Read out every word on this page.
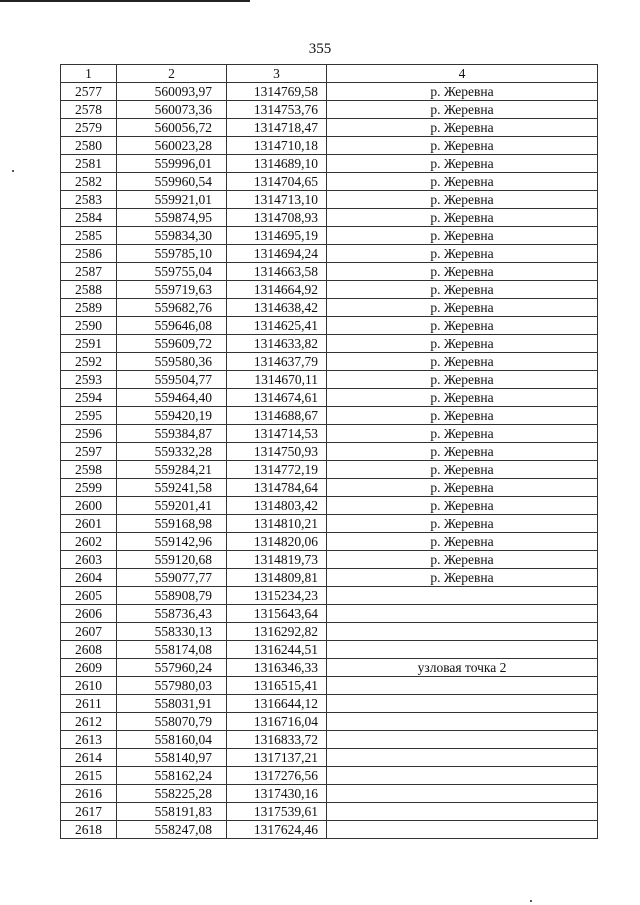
355
1	2	3	4
2577	560093,97	1314769,58	р. Жеревна
2578	560073,36	1314753,76	р. Жеревна
2579	560056,72	1314718,47	р. Жеревна
2580	560023,28	1314710,18	р. Жеревна
2581	559996,01	1314689,10	р. Жеревна
2582	559960,54	1314704,65	р. Жеревна
2583	559921,01	1314713,10	р. Жеревна
2584	559874,95	1314708,93	р. Жеревна
2585	559834,30	1314695,19	р. Жеревна
2586	559785,10	1314694,24	р. Жеревна
2587	559755,04	1314663,58	р. Жеревна
2588	559719,63	1314664,92	р. Жеревна
2589	559682,76	1314638,42	р. Жеревна
2590	559646,08	1314625,41	р. Жеревна
2591	559609,72	1314633,82	р. Жеревна
2592	559580,36	1314637,79	р. Жеревна
2593	559504,77	1314670,11	р. Жеревна
2594	559464,40	1314674,61	р. Жеревна
2595	559420,19	1314688,67	р. Жеревна
2596	559384,87	1314714,53	р. Жеревна
2597	559332,28	1314750,93	р. Жеревна
2598	559284,21	1314772,19	р. Жеревна
2599	559241,58	1314784,64	р. Жеревна
2600	559201,41	1314803,42	р. Жеревна
2601	559168,98	1314810,21	р. Жеревна
2602	559142,96	1314820,06	р. Жеревна
2603	559120,68	1314819,73	р. Жеревна
2604	559077,77	1314809,81	р. Жеревна
2605	558908,79	1315234,23	
2606	558736,43	1315643,64	
2607	558330,13	1316292,82	
2608	558174,08	1316244,51	
2609	557960,24	1316346,33	узловая точка 2
2610	557980,03	1316515,41	
2611	558031,91	1316644,12	
2612	558070,79	1316716,04	
2613	558160,04	1316833,72	
2614	558140,97	1317137,21	
2615	558162,24	1317276,56	
2616	558225,28	1317430,16	
2617	558191,83	1317539,61	
2618	558247,08	1317624,46	
